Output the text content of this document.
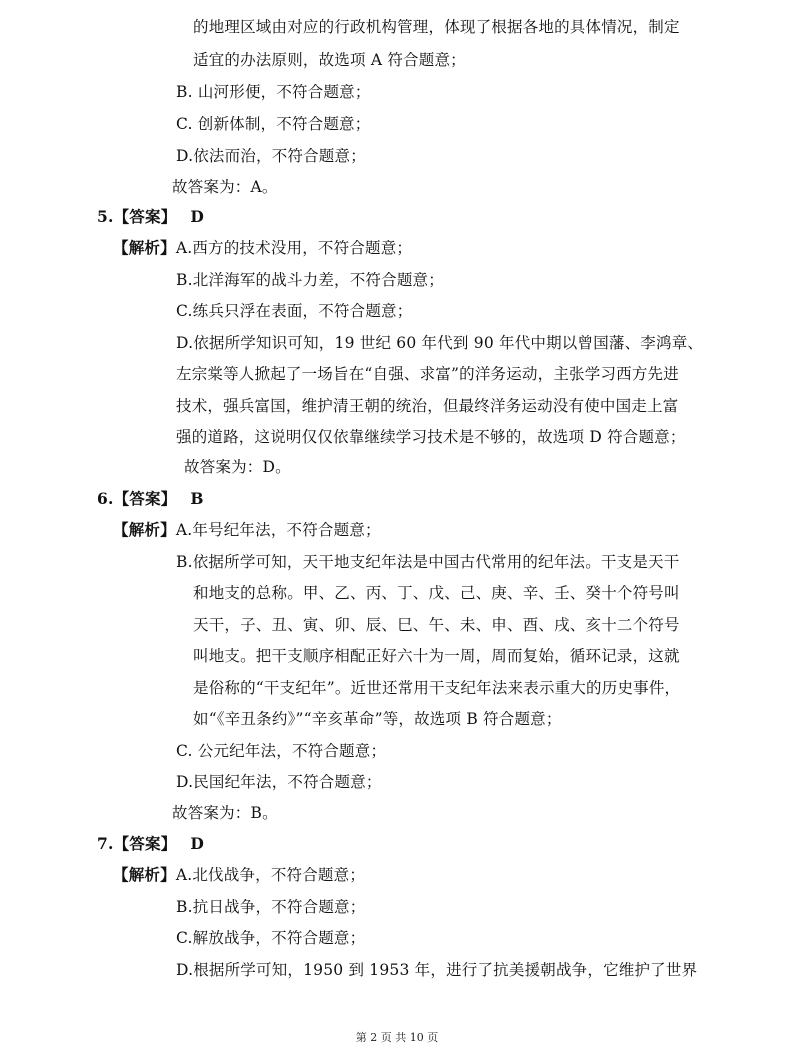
的地理区域由对应的行政机构管理，体现了根据各地的具体情况，制定
适宜的办法原则，故选项 A 符合题意；
B. 山河形便，不符合题意；
C. 创新体制，不符合题意；
D.依法而治，不符合题意；
故答案为：A。
5.【答案】 D
【解析】A.西方的技术没用，不符合题意；
B.北洋海军的战斗力差，不符合题意；
C.练兵只浮在表面，不符合题意；
D.依据所学知识可知，19 世纪 60 年代到 90 年代中期以曾国藩、李鸿章、
左宗棠等人掀起了一场旨在“自强、求富”的洋务运动，主张学习西方先进
技术，强兵富国，维护清王朝的统治，但最终洋务运动没有使中国走上富
强的道路，这说明仅仅依靠继续学习技术是不够的，故选项 D 符合题意；
故答案为：D。
6.【答案】 B
【解析】A.年号纪年法，不符合题意；
B.依据所学可知，天干地支纪年法是中国古代常用的纪年法。干支是天干
和地支的总称。甲、乙、丙、丁、戊、己、庚、辛、壬、癸十个符号叫
天干，子、丑、寅、卯、辰、巳、午、未、申、酉、戌、亥十二个符号
叫地支。把干支顺序相配正好六十为一周，周而复始，循环记录，这就
是俗称的“干支纪年”。近世还常用干支纪年法来表示重大的历史事件，
如“《辛丑条约》”“辛亥革命”等，故选项 B 符合题意；
C. 公元纪年法，不符合题意；
D.民国纪年法，不符合题意；
故答案为：B。
7.【答案】 D
【解析】A.北伐战争，不符合题意；
B.抗日战争，不符合题意；
C.解放战争，不符合题意；
D.根据所学可知，1950 到 1953 年，进行了抗美援朝战争，它维护了世界
第 2 页 共 10 页
